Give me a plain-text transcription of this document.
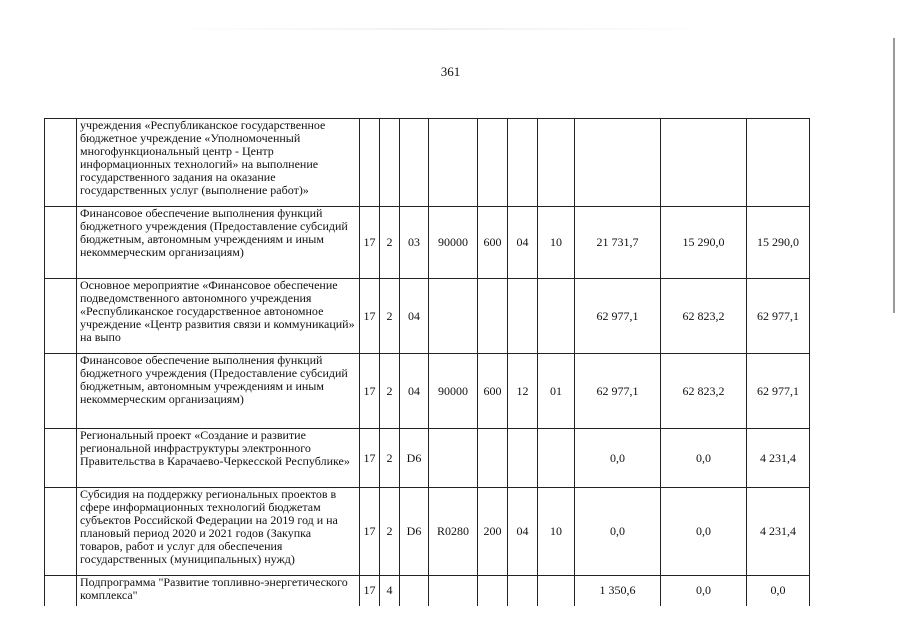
361
	учреждения «Республиканское государственное бюджетное учреждение «Уполномоченный многофункциональный центр - Центр информационных технологий» на выполнение государственного задания на оказание государственных услуг (выполнение работ)»										
	Финансовое обеспечение выполнения функций бюджетного учреждения (Предоставление субсидий бюджетным, автономным учреждениям и иным некоммерческим организациям)	17	2	03	90000	600	04	10	21 731,7	15 290,0	15 290,0
	Основное мероприятие «Финансовое обеспечение подведомственного автономного учреждения «Республиканское государственное автономное учреждение «Центр развития связи и коммуникаций» на выпо	17	2	04					62 977,1	62 823,2	62 977,1
	Финансовое обеспечение выполнения функций бюджетного учреждения (Предоставление субсидий бюджетным, автономным учреждениям и иным некоммерческим организациям)	17	2	04	90000	600	12	01	62 977,1	62 823,2	62 977,1
	Региональный проект «Создание и развитие региональной инфраструктуры электронного Правительства в Карачаево-Черкесской Республике»	17	2	D6					0,0	0,0	4 231,4
	Субсидия на поддержку региональных проектов в сфере информационных технологий бюджетам субъектов Российской Федерации на 2019 год и на плановый период 2020 и 2021 годов (Закупка товаров, работ и услуг для обеспечения государственных (муниципальных) нужд)	17	2	D6	R0280	200	04	10	0,0	0,0	4 231,4
	Подпрограмма "Развитие топливно-энергетического комплекса"	17	4						1 350,6	0,0	0,0
